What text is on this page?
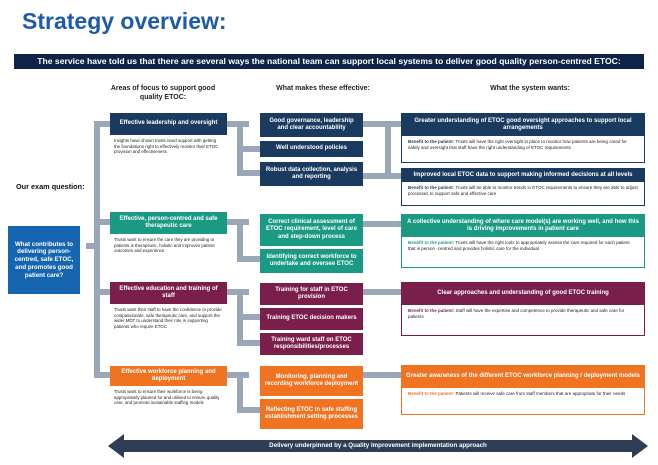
Strategy overview:
The service have told us that there are several ways the national team can support local systems to deliver good quality person-centred ETOC:
Areas of focus to support good quality ETOC:
What makes these effective:	What the system wants:
Our exam question:
What contributes to delivering person-centred, safe ETOC, and promotes good patient care?
Effective leadership and oversight
Insights have shown trusts need support with getting the foundations right to effectively monitor their ETOC provision and effectiveness
Effective, person-centred and safe therapeutic care
Trusts want to ensure the care they are providing to patients is therapeutic, holistic and improves patient outcomes and experience
Effective education and training of staff
Trusts want their staff to have the confidence to provide compassionate, safe therapeutic care, and support the wider MDT to understand their role in supporting patients who require ETOC
Effective workforce planning and deployment
Trusts want to ensure their workforce is being appropriately planned for and utilised to ensure quality care, and promote sustainable staffing models
Good governance, leadership and clear accountability
Well understood policies
Robust data collection, analysis and reporting
Correct clinical assessment of ETOC requirement, level of care and step-down process
Identifying correct workforce to undertake and oversee ETOC
Training for staff in ETOC provision
Training ETOC decision makers
Training ward staff on ETOC responsibilities/processes
Monitoring, planning and recording workforce deployment
Reflecting ETOC in safe staffing establishment setting processes
Greater understanding of ETOC good oversight approaches to support local arrangements
Benefit to the patient: Trusts will have the right oversight in place to monitor how patients are being cared for safely and oversight that staff have the right understanding of ETOC requirements
Improved local ETOC data to support making informed decisions at all levels
Benefit to the patient: Trusts will be able to monitor trends in ETOC requirements to ensure they are able to adjust processes to support safe and effective care
A collective understanding of where care model(s) are working well, and how this is driving improvements in patient care
Benefit to the patient: Trusts will have the right tools to appropriately assess the care required for each patient that is person -centred and provides holistic care for the individual
Clear approaches and understanding of good ETOC training
Benefit to the patient: Staff will have the expertise and competence to provide therapeutic and safe care for patients
Greater awareness of the different ETOC workforce planning / deployment models
Benefit to the patient: Patients will receive safe care from staff members that are appropriate for their needs
Delivery underpinned by a Quality Improvement implementation approach
